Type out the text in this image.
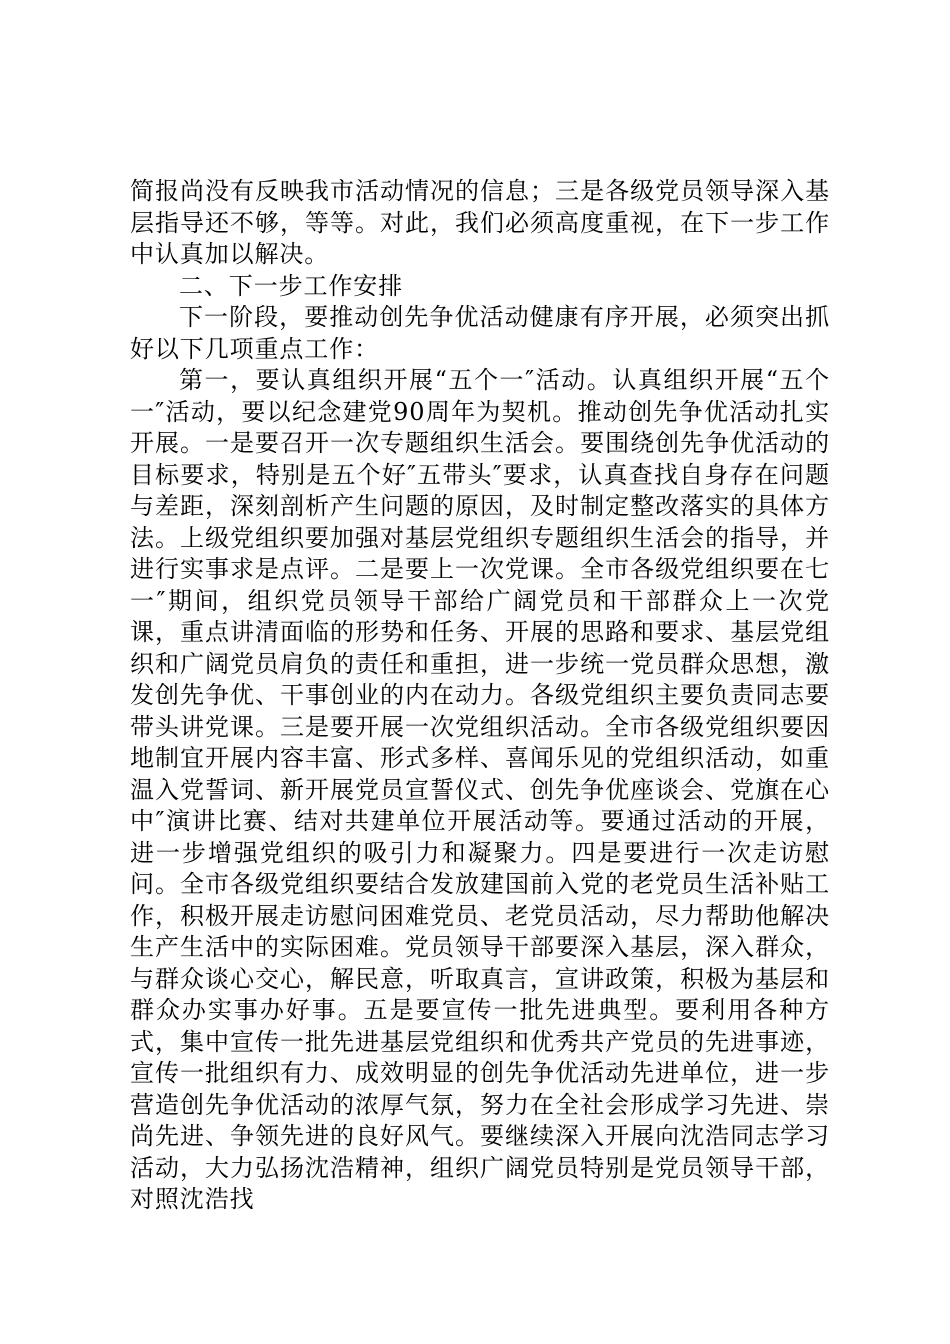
简报尚没有反映我市活动情况的信息；三是各级党员领导深入基层指导还不够，等等。对此，我们必须高度重视，在下一步工作中认真加以解决。

二、下一步工作安排

下一阶段，要推动创先争优活动健康有序开展，必须突出抓好以下几项重点工作：

第一，要认真组织开展“五个一″活动。认真组织开展“五个一″活动，要以纪念建党90周年为契机。推动创先争优活动扎实开展。一是要召开一次专题组织生活会。要围绕创先争优活动的目标要求，特别是五个好″五带头″要求，认真查找自身存在问题与差距，深刻剖析产生问题的原因，及时制定整改落实的具体方法。上级党组织要加强对基层党组织专题组织生活会的指导，并进行实事求是点评。二是要上一次党课。全市各级党组织要在七一″期间，组织党员领导干部给广阔党员和干部群众上一次党课，重点讲清面临的形势和任务、开展的思路和要求、基层党组织和广阔党员肩负的责任和重担，进一步统一党员群众思想，激发创先争优、干事创业的内在动力。各级党组织主要负责同志要带头讲党课。三是要开展一次党组织活动。全市各级党组织要因地制宜开展内容丰富、形式多样、喜闻乐见的党组织活动，如重温入党誓词、新开展党员宣誓仪式、创先争优座谈会、党旗在心中″演讲比赛、结对共建单位开展活动等。要通过活动的开展，进一步增强党组织的吸引力和凝聚力。四是要进行一次走访慰问。全市各级党组织要结合发放建国前入党的老党员生活补贴工作，积极开展走访慰问困难党员、老党员活动，尽力帮助他解决生产生活中的实际困难。党员领导干部要深入基层，深入群众，与群众谈心交心，解民意，听取真言，宣讲政策，积极为基层和群众办实事办好事。五是要宣传一批先进典型。要利用各种方式，集中宣传一批先进基层党组织和优秀共产党员的先进事迹，宣传一批组织有力、成效明显的创先争优活动先进单位，进一步营造创先争优活动的浓厚气氛，努力在全社会形成学习先进、崇尚先进、争领先进的良好风气。要继续深入开展向沈浩同志学习活动，大力弘扬沈浩精神，组织广阔党员特别是党员领导干部，对照沈浩找
